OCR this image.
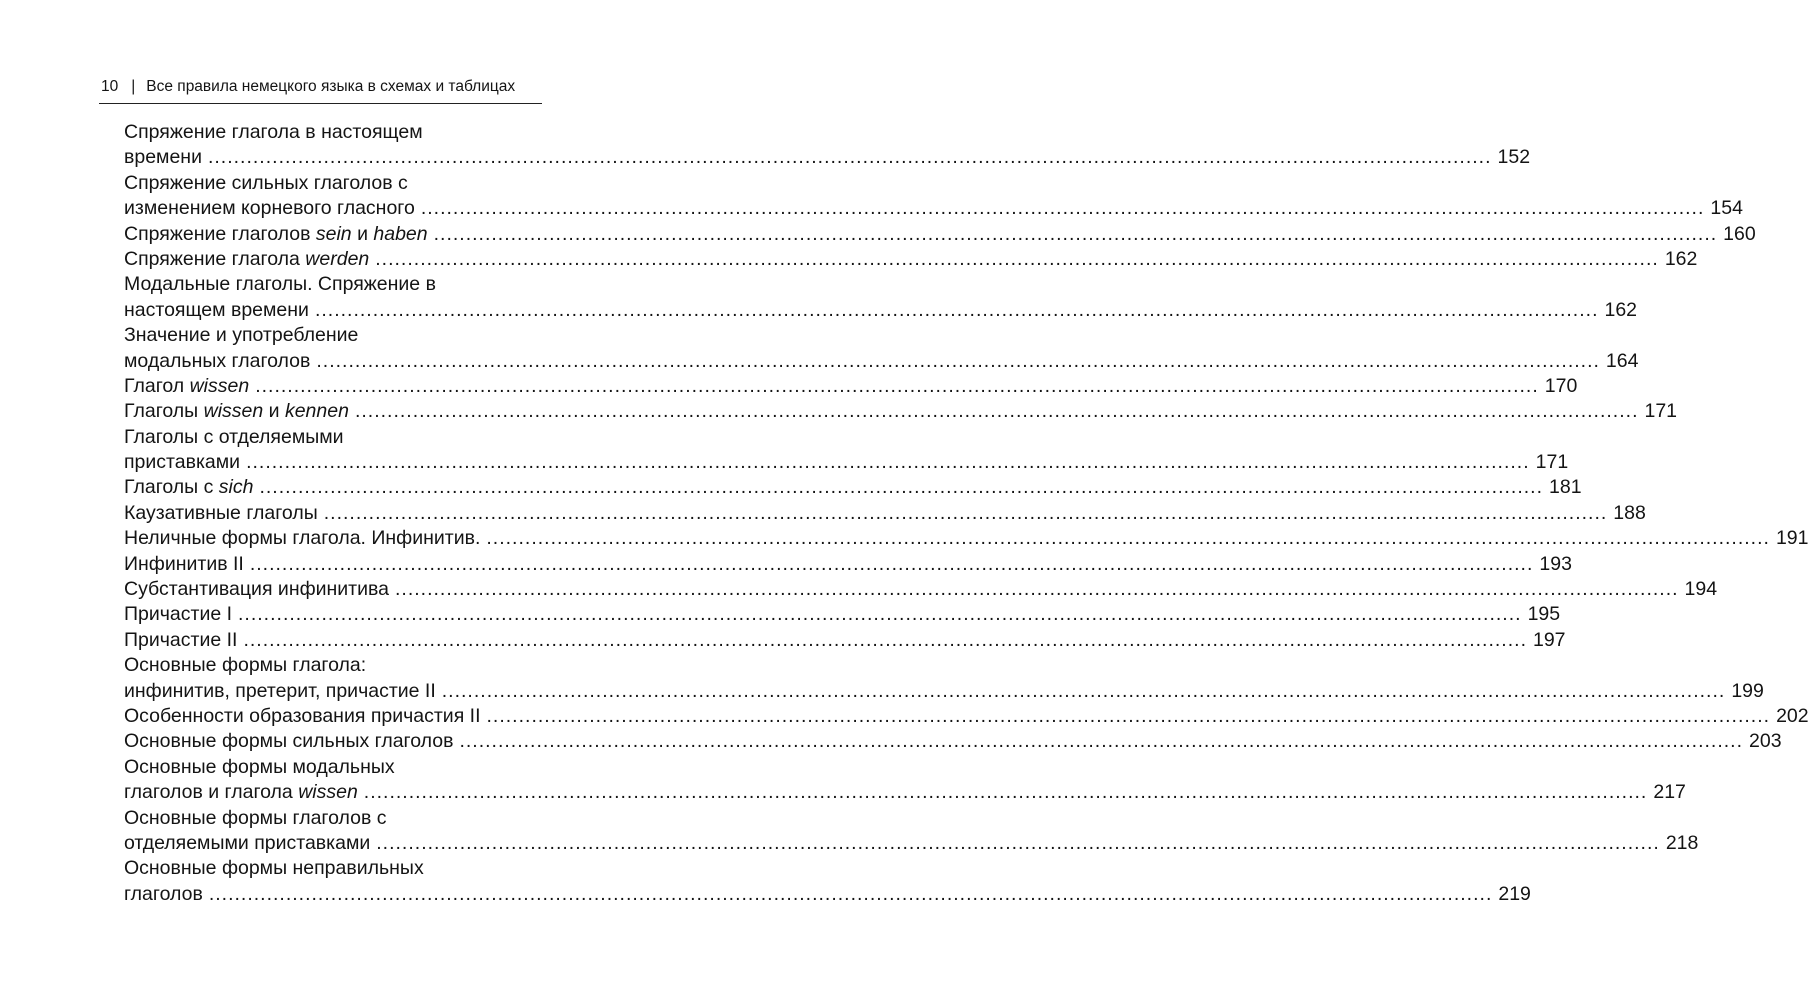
10 | Все правила немецкого языка в схемах и таблицах
Спряжение глагола в настоящем
времени ........................................................................................................................................................................................................ 152
Спряжение сильных глаголов с
изменением корневого гласного ........................................................................................................................................................................................................ 154
Спряжение глаголов sein и haben ........................................................................................................................................................................................................ 160
Спряжение глагола werden ........................................................................................................................................................................................................ 162
Модальные глаголы. Спряжение в
настоящем времени ........................................................................................................................................................................................................ 162
Значение и употребление
модальных глаголов ........................................................................................................................................................................................................ 164
Глагол wissen ........................................................................................................................................................................................................ 170
Глаголы wissen и kennen ........................................................................................................................................................................................................ 171
Глаголы с отделяемыми
приставками ........................................................................................................................................................................................................ 171
Глаголы с sich ........................................................................................................................................................................................................ 181
Каузативные глаголы ........................................................................................................................................................................................................ 188
Неличные формы глагола. Инфинитив. ........................................................................................................................................................................................................ 191
Инфинитив II ........................................................................................................................................................................................................ 193
Субстантивация инфинитива ........................................................................................................................................................................................................ 194
Причастие I ........................................................................................................................................................................................................ 195
Причастие II ........................................................................................................................................................................................................ 197
Основные формы глагола:
инфинитив, претерит, причастие II ........................................................................................................................................................................................................ 199
Особенности образования причастия II ........................................................................................................................................................................................................ 202
Основные формы сильных глаголов ........................................................................................................................................................................................................ 203
Основные формы модальных
глаголов и глагола wissen ........................................................................................................................................................................................................ 217
Основные формы глаголов с
отделяемыми приставками ........................................................................................................................................................................................................ 218
Основные формы неправильных
глаголов ........................................................................................................................................................................................................ 219
